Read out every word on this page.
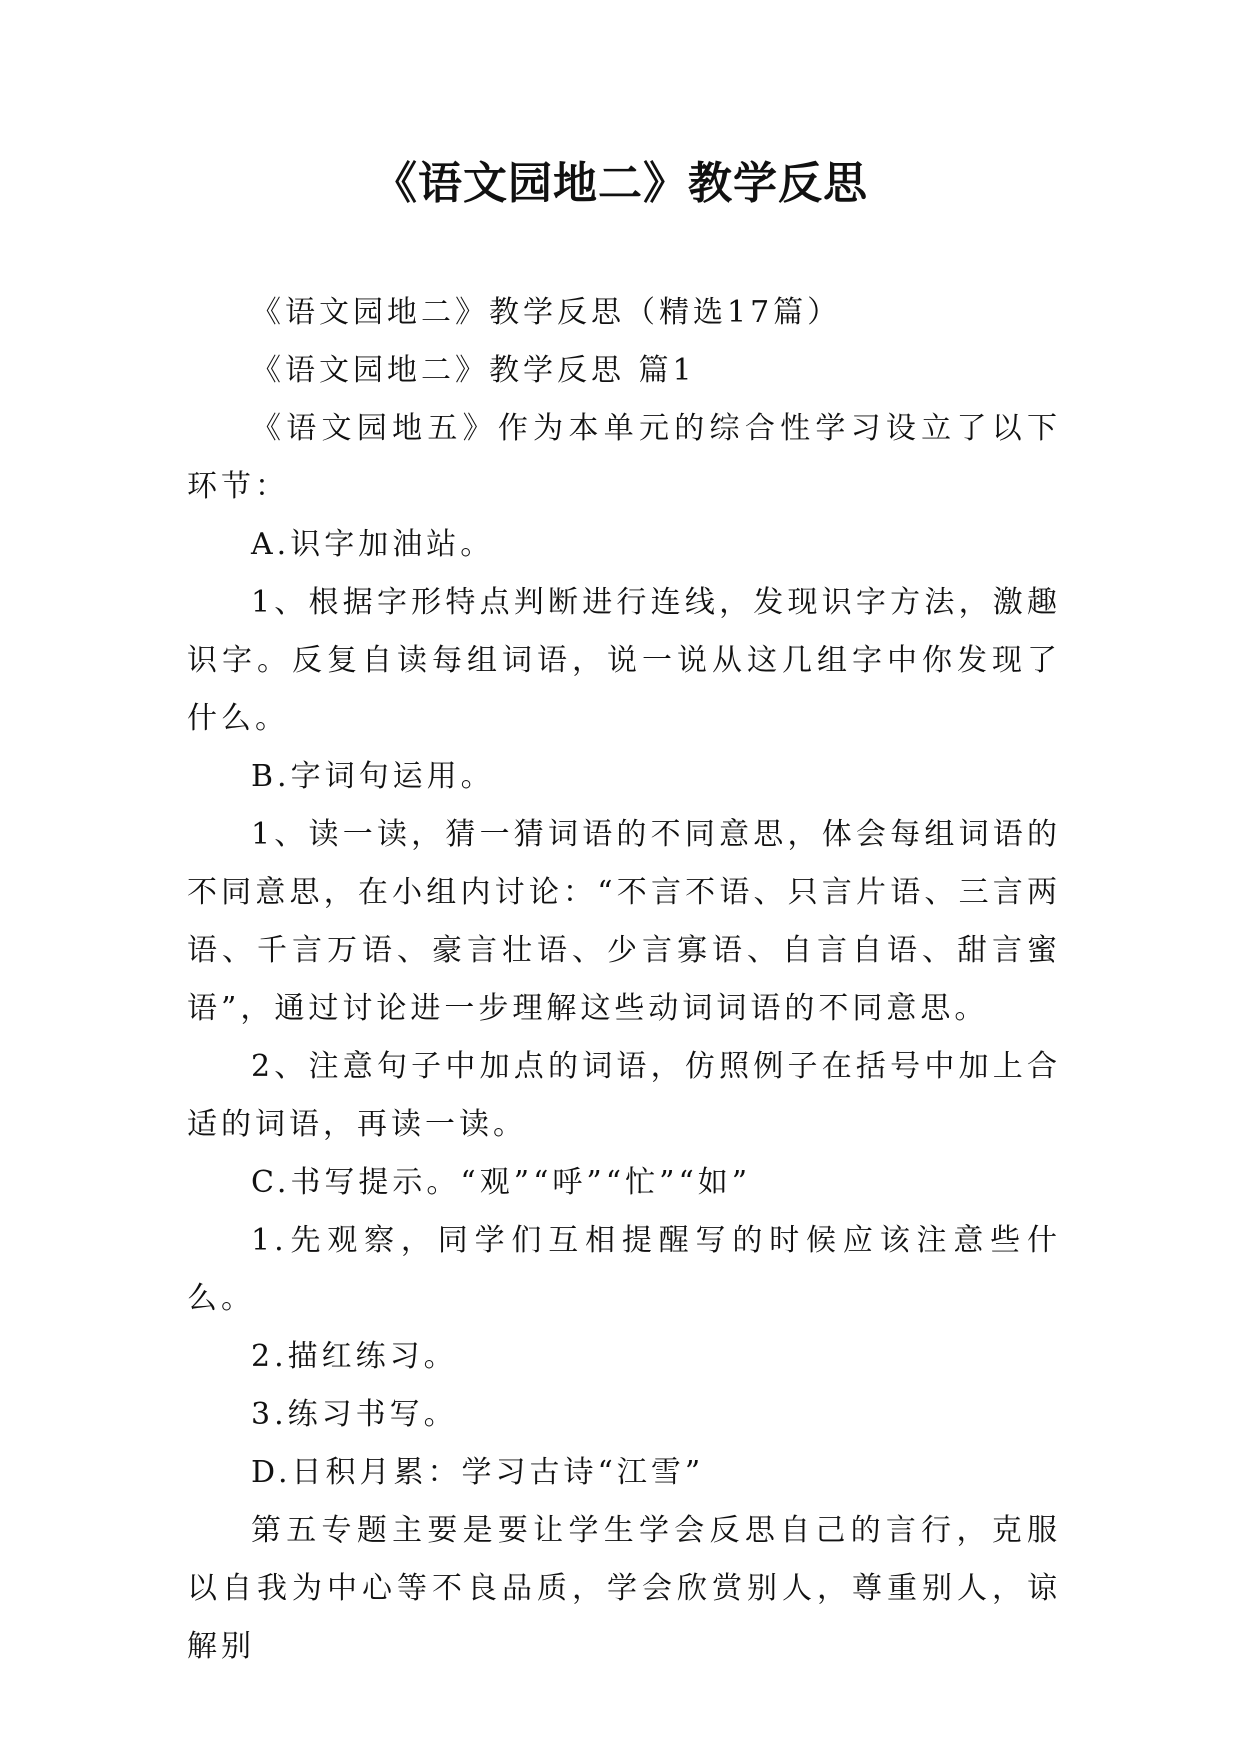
《语文园地二》教学反思

《语文园地二》教学反思（精选17篇）

《语文园地二》教学反思 篇1

《语文园地五》作为本单元的综合性学习设立了以下环节：

A.识字加油站。

1、根据字形特点判断进行连线，发现识字方法，激趣识字。反复自读每组词语，说一说从这几组字中你发现了什么。

B.字词句运用。

1、读一读，猜一猜词语的不同意思，体会每组词语的不同意思，在小组内讨论：“不言不语、只言片语、三言两语、千言万语、豪言壮语、少言寡语、自言自语、甜言蜜语”，通过讨论进一步理解这些动词词语的不同意思。

2、注意句子中加点的词语，仿照例子在括号中加上合适的词语，再读一读。

C.书写提示。“观”“呼”“忙”“如”

1.先观察，同学们互相提醒写的时候应该注意些什么。

2.描红练习。

3.练习书写。

D.日积月累：学习古诗“江雪”

第五专题主要是要让学生学会反思自己的言行，克服以自我为中心等不良品质，学会欣赏别人，尊重别人，谅解别
